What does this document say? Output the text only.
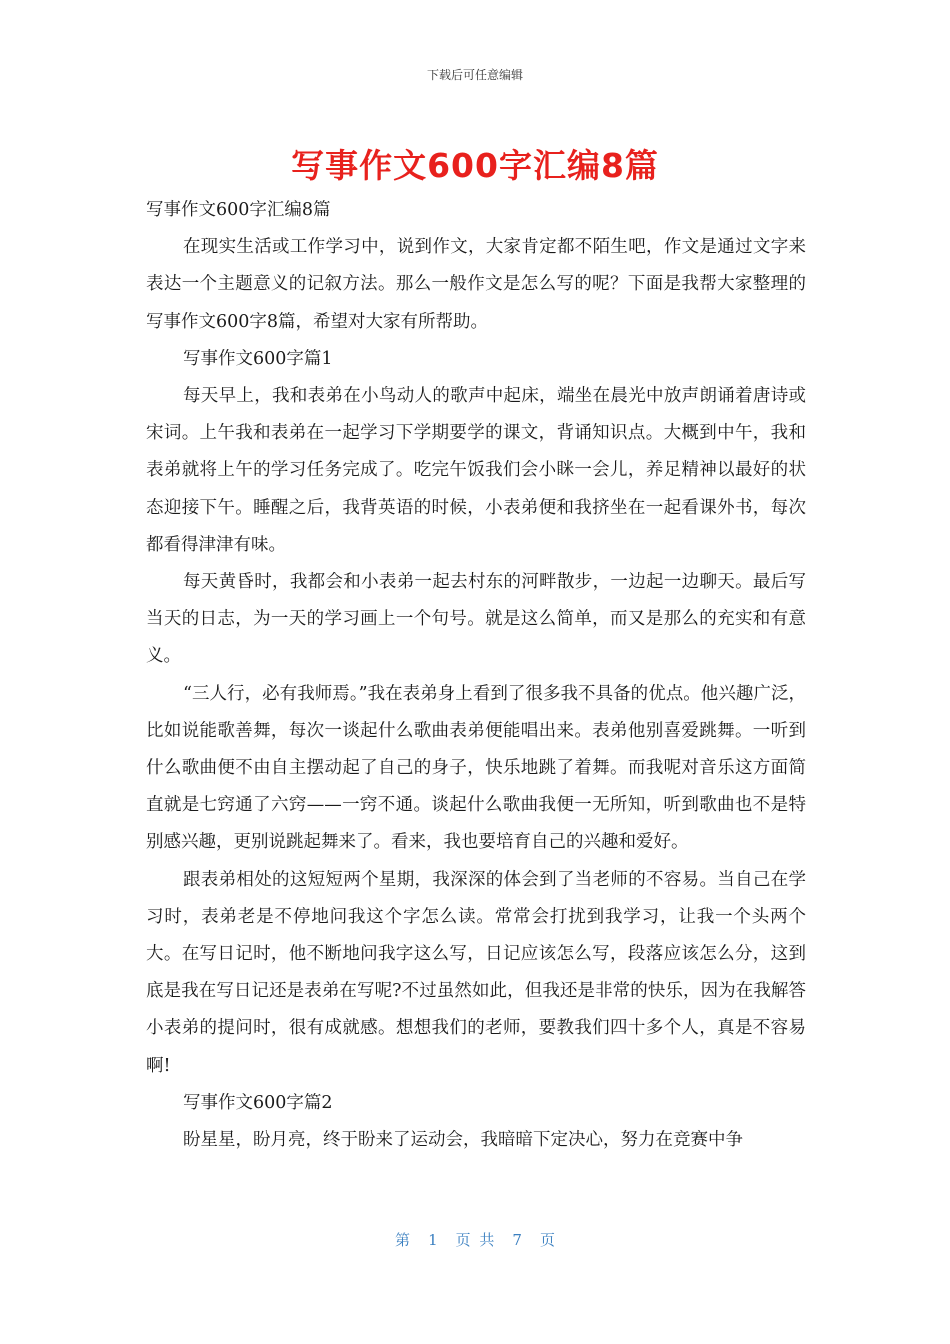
下载后可任意编辑
写事作文600字汇编8篇

写事作文600字汇编8篇

在现实生活或工作学习中，说到作文，大家肯定都不陌生吧，作文是通过文字来表达一个主题意义的记叙方法。那么一般作文是怎么写的呢？下面是我帮大家整理的写事作文600字8篇，希望对大家有所帮助。

写事作文600字篇1

每天早上，我和表弟在小鸟动人的歌声中起床，端坐在晨光中放声朗诵着唐诗或宋词。上午我和表弟在一起学习下学期要学的课文，背诵知识点。大概到中午，我和表弟就将上午的学习任务完成了。吃完午饭我们会小眯一会儿，养足精神以最好的状态迎接下午。睡醒之后，我背英语的时候，小表弟便和我挤坐在一起看课外书，每次都看得津津有味。

每天黄昏时，我都会和小表弟一起去村东的河畔散步，一边起一边聊天。最后写当天的日志，为一天的学习画上一个句号。就是这么简单，而又是那么的充实和有意义。

“三人行，必有我师焉。”我在表弟身上看到了很多我不具备的优点。他兴趣广泛，比如说能歌善舞，每次一谈起什么歌曲表弟便能唱出来。表弟他别喜爱跳舞。一听到什么歌曲便不由自主摆动起了自己的身子，快乐地跳了着舞。而我呢对音乐这方面简直就是七窍通了六窍——一窍不通。谈起什么歌曲我便一无所知，听到歌曲也不是特别感兴趣，更别说跳起舞来了。看来，我也要培育自己的兴趣和爱好。

跟表弟相处的这短短两个星期，我深深的体会到了当老师的不容易。当自己在学习时，表弟老是不停地问我这个字怎么读。常常会打扰到我学习，让我一个头两个大。在写日记时，他不断地问我字这么写，日记应该怎么写，段落应该怎么分，这到底是我在写日记还是表弟在写呢?不过虽然如此，但我还是非常的快乐，因为在我解答小表弟的提问时，很有成就感。想想我们的老师，要教我们四十多个人，真是不容易啊!

写事作文600字篇2

盼星星，盼月亮，终于盼来了运动会，我暗暗下定决心，努力在竞赛中争

第 1 页 共 7 页
